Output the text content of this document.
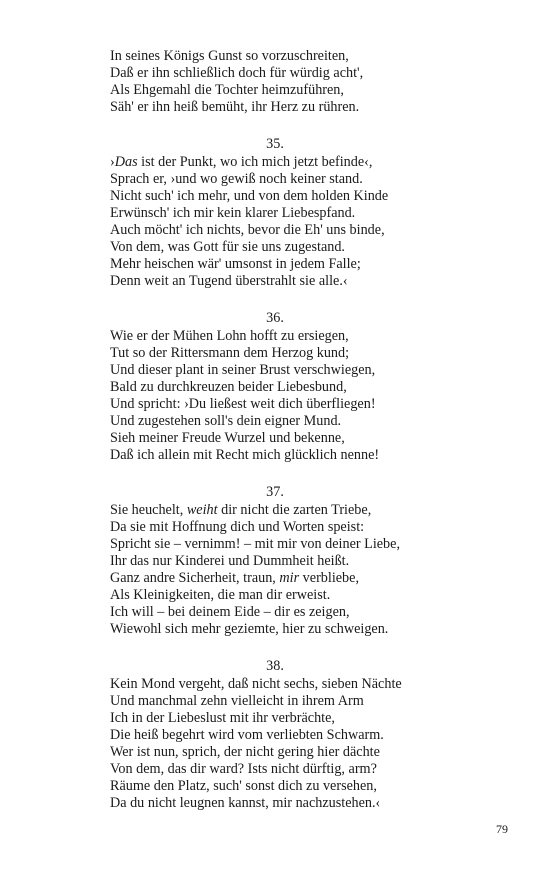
In seines Königs Gunst so vorzuschreiten,
Daß er ihn schließlich doch für würdig acht',
Als Ehgemahl die Tochter heimzuführen,
Säh' er ihn heiß bemüht, ihr Herz zu rühren.
35.
›Das ist der Punkt, wo ich mich jetzt befinde‹,
Sprach er, ›und wo gewiß noch keiner stand.
Nicht such' ich mehr, und von dem holden Kinde
Erwünsch' ich mir kein klarer Liebespfand.
Auch möcht' ich nichts, bevor die Eh' uns binde,
Von dem, was Gott für sie uns zugestand.
Mehr heischen wär' umsonst in jedem Falle;
Denn weit an Tugend überstrahlt sie alle.‹
36.
Wie er der Mühen Lohn hofft zu ersiegen,
Tut so der Rittersmann dem Herzog kund;
Und dieser plant in seiner Brust verschwiegen,
Bald zu durchkreuzen beider Liebesbund,
Und spricht: ›Du ließest weit dich überfliegen!
Und zugestehen soll's dein eigner Mund.
Sieh meiner Freude Wurzel und bekenne,
Daß ich allein mit Recht mich glücklich nenne!
37.
Sie heuchelt, weiht dir nicht die zarten Triebe,
Da sie mit Hoffnung dich und Worten speist:
Spricht sie – vernimm! – mit mir von deiner Liebe,
Ihr das nur Kinderei und Dummheit heißt.
Ganz andre Sicherheit, traun, mir verbliebe,
Als Kleinigkeiten, die man dir erweist.
Ich will – bei deinem Eide – dir es zeigen,
Wiewohl sich mehr geziemte, hier zu schweigen.
38.
Kein Mond vergeht, daß nicht sechs, sieben Nächte
Und manchmal zehn vielleicht in ihrem Arm
Ich in der Liebeslust mit ihr verbrächte,
Die heiß begehrt wird vom verliebten Schwarm.
Wer ist nun, sprich, der nicht gering hier dächte
Von dem, das dir ward? Ists nicht dürftig, arm?
Räume den Platz, such' sonst dich zu versehen,
Da du nicht leugnen kannst, mir nachzustehen.‹
79
